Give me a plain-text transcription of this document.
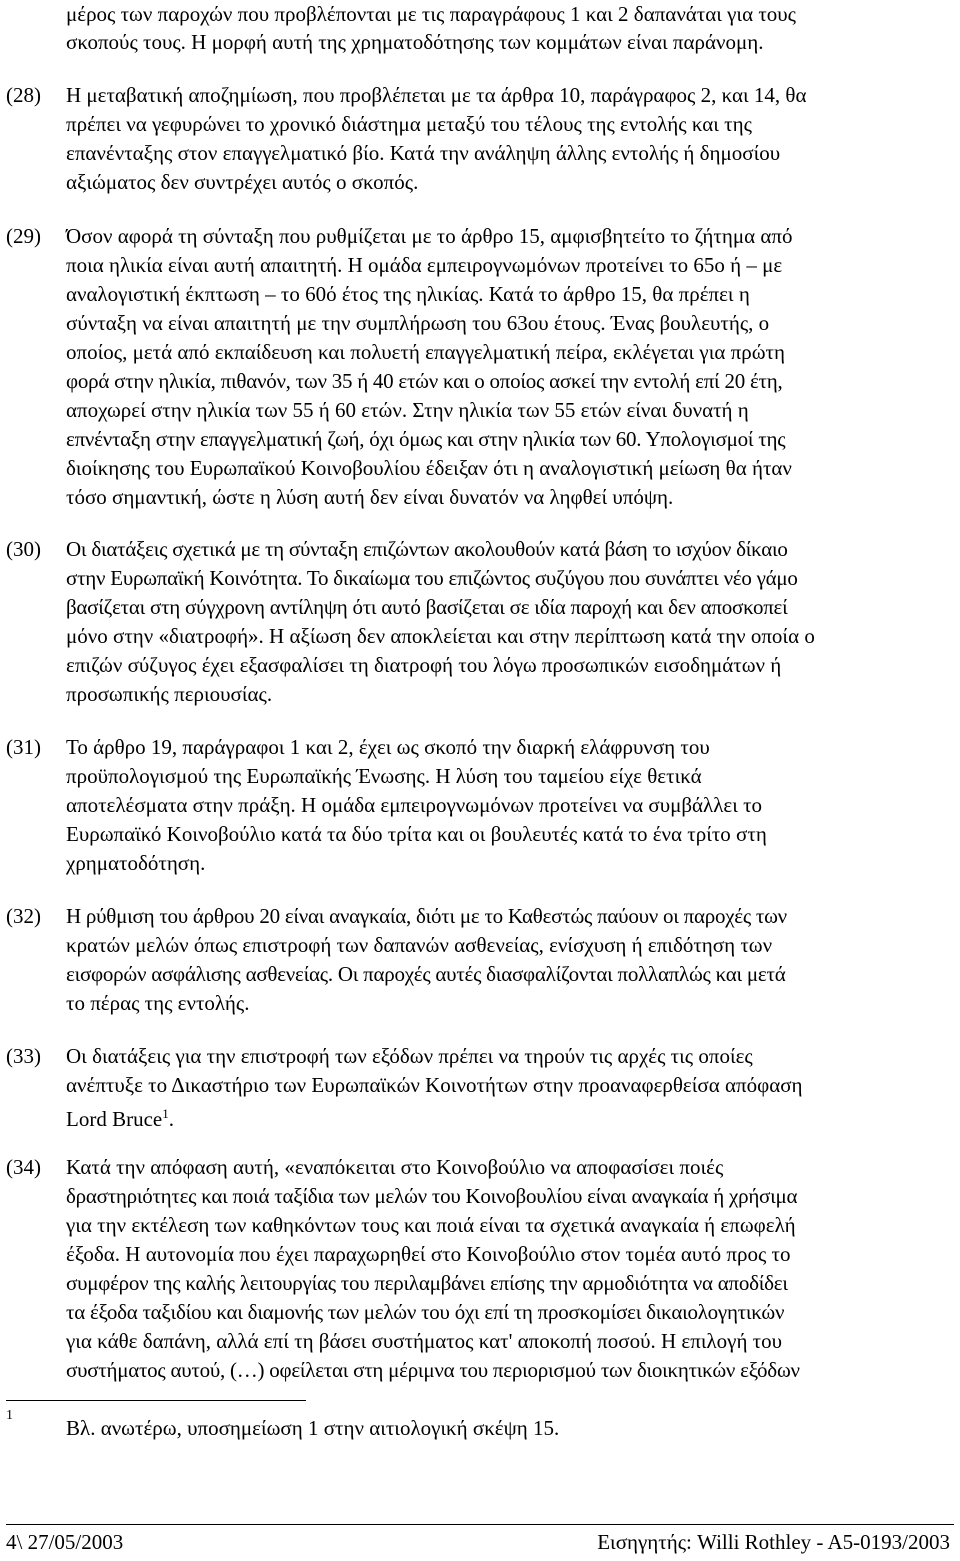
μέρος των παροχών που προβλέπονται με τις παραγράφους 1 και 2 δαπανάται για τους
σκοπούς τους. Η μορφή αυτή της χρηματοδότησης των κομμάτων είναι παράνομη.
(28) Η μεταβατική αποζημίωση, που προβλέπεται με τα άρθρα 10, παράγραφος 2, και 14, θα
πρέπει να γεφυρώνει το χρονικό διάστημα μεταξύ του τέλους της εντολής και της
επανένταξης στον επαγγελματικό βίο. Κατά την ανάληψη άλλης εντολής ή δημοσίου
αξιώματος δεν συντρέχει αυτός ο σκοπός.
(29) Όσον αφορά τη σύνταξη που ρυθμίζεται με το άρθρο 15, αμφισβητείτο το ζήτημα από
ποια ηλικία είναι αυτή απαιτητή. Η ομάδα εμπειρογνωμόνων προτείνει το 65ο ή – με
αναλογιστική έκπτωση – το 60ό έτος της ηλικίας. Κατά το άρθρο 15, θα πρέπει η
σύνταξη να είναι απαιτητή με την συμπλήρωση του 63ου έτους. Ένας βουλευτής, ο
οποίος, μετά από εκπαίδευση και πολυετή επαγγελματική πείρα, εκλέγεται για πρώτη
φορά στην ηλικία, πιθανόν, των 35 ή 40 ετών και ο οποίος ασκεί την εντολή επί 20 έτη,
αποχωρεί στην ηλικία των 55 ή 60 ετών. Στην ηλικία των 55 ετών είναι δυνατή η
επνένταξη στην επαγγελματική ζωή, όχι όμως και στην ηλικία των 60. Υπολογισμοί της
διοίκησης του Ευρωπαϊκού Κοινοβουλίου έδειξαν ότι η αναλογιστική μείωση θα ήταν
τόσο σημαντική, ώστε η λύση αυτή δεν είναι δυνατόν να ληφθεί υπόψη.
(30) Οι διατάξεις σχετικά με τη σύνταξη επιζώντων ακολουθούν κατά βάση το ισχύον δίκαιο
στην Ευρωπαϊκή Κοινότητα. Το δικαίωμα του επιζώντος συζύγου που συνάπτει νέο γάμο
βασίζεται στη σύγχρονη αντίληψη ότι αυτό βασίζεται σε ιδία παροχή και δεν αποσκοπεί
μόνο στην «διατροφή». Η αξίωση δεν αποκλείεται και στην περίπτωση κατά την οποία ο
επιζών σύζυγος έχει εξασφαλίσει τη διατροφή του λόγω προσωπικών εισοδημάτων ή
προσωπικής περιουσίας.
(31) Το άρθρο 19, παράγραφοι 1 και 2, έχει ως σκοπό την διαρκή ελάφρυνση του
προϋπολογισμού της Ευρωπαϊκής Ένωσης. Η λύση του ταμείου είχε θετικά
αποτελέσματα στην πράξη. Η ομάδα εμπειρογνωμόνων προτείνει να συμβάλλει το
Ευρωπαϊκό Κοινοβούλιο κατά τα δύο τρίτα και οι βουλευτές κατά το ένα τρίτο στη
χρηματοδότηση.
(32) Η ρύθμιση του άρθρου 20 είναι αναγκαία, διότι με το Καθεστώς παύουν οι παροχές των
κρατών μελών όπως επιστροφή των δαπανών ασθενείας, ενίσχυση ή επιδότηση των
εισφορών ασφάλισης ασθενείας. Οι παροχές αυτές διασφαλίζονται πολλαπλώς και μετά
το πέρας της εντολής.
(33) Οι διατάξεις για την επιστροφή των εξόδων πρέπει να τηρούν τις αρχές τις οποίες
ανέπτυξε το Δικαστήριο των Ευρωπαϊκών Κοινοτήτων στην προαναφερθείσα απόφαση
Lord Bruce$^1$.
(34) Κατά την απόφαση αυτή, «εναπόκειται στο Κοινοβούλιο να αποφασίσει ποιές
δραστηριότητες και ποιά ταξίδια των μελών του Κοινοβουλίου είναι αναγκαία ή χρήσιμα
για την εκτέλεση των καθηκόντων τους και ποιά είναι τα σχετικά αναγκαία ή επωφελή
έξοδα. Η αυτονομία που έχει παραχωρηθεί στο Κοινοβούλιο στον τομέα αυτό προς το
συμφέρον της καλής λειτουργίας του περιλαμβάνει επίσης την αρμοδιότητα να αποδίδει
τα έξοδα ταξιδίου και διαμονής των μελών του όχι επί τη προσκομίσει δικαιολογητικών
για κάθε δαπάνη, αλλά επί τη βάσει συστήματος κατ' αποκοπή ποσού. Η επιλογή του
συστήματος αυτού, (…) οφείλεται στη μέριμνα του περιορισμού των διοικητικών εξόδων
1
Βλ. ανωτέρω, υποσημείωση 1 στην αιτιολογική σκέψη 15.
4\ 27/05/2003	Εισηγητής: Willi Rothley - A5-0193/2003
